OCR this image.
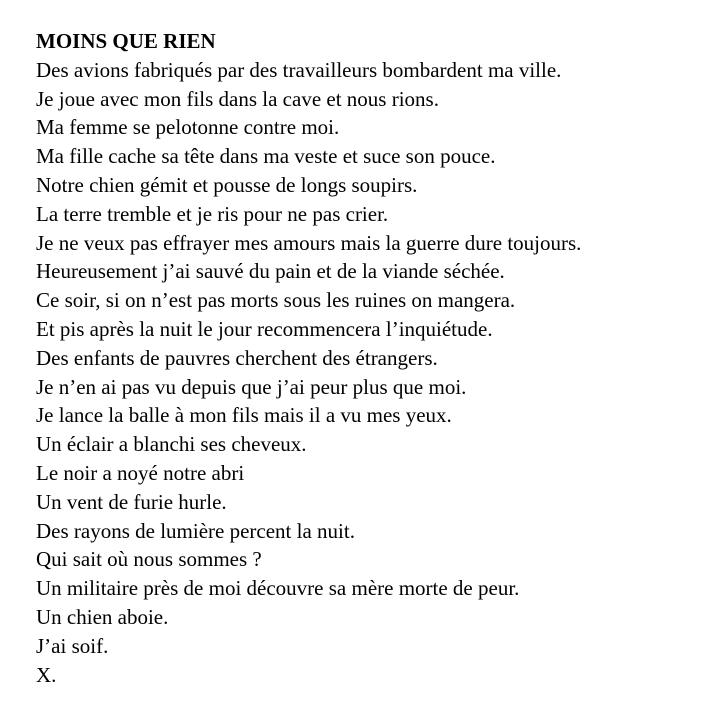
MOINS QUE RIEN
Des avions fabriqués par des travailleurs bombardent ma ville.
Je joue avec mon fils dans la cave et nous rions.
Ma femme se pelotonne contre moi.
Ma fille cache sa tête dans ma veste et suce son pouce.
Notre chien gémit et pousse de longs soupirs.
La terre tremble et je ris pour ne pas crier.
Je ne veux pas effrayer mes amours mais la guerre dure toujours.
Heureusement j’ai sauvé du pain et de la viande séchée.
Ce soir, si on n’est pas morts sous les ruines on mangera.
Et pis après la nuit le jour recommencera l’inquiétude.
Des enfants de pauvres cherchent des étrangers.
Je n’en ai pas vu depuis que j’ai peur plus que moi.
Je lance la balle à mon fils mais il a vu mes yeux.
Un éclair a blanchi ses cheveux.
Le noir a noyé notre abri
Un vent de furie hurle.
Des rayons de lumière percent la nuit.
Qui sait où nous sommes ?
Un militaire près de moi découvre sa mère morte de peur.
Un chien aboie.
J’ai soif.
X.
